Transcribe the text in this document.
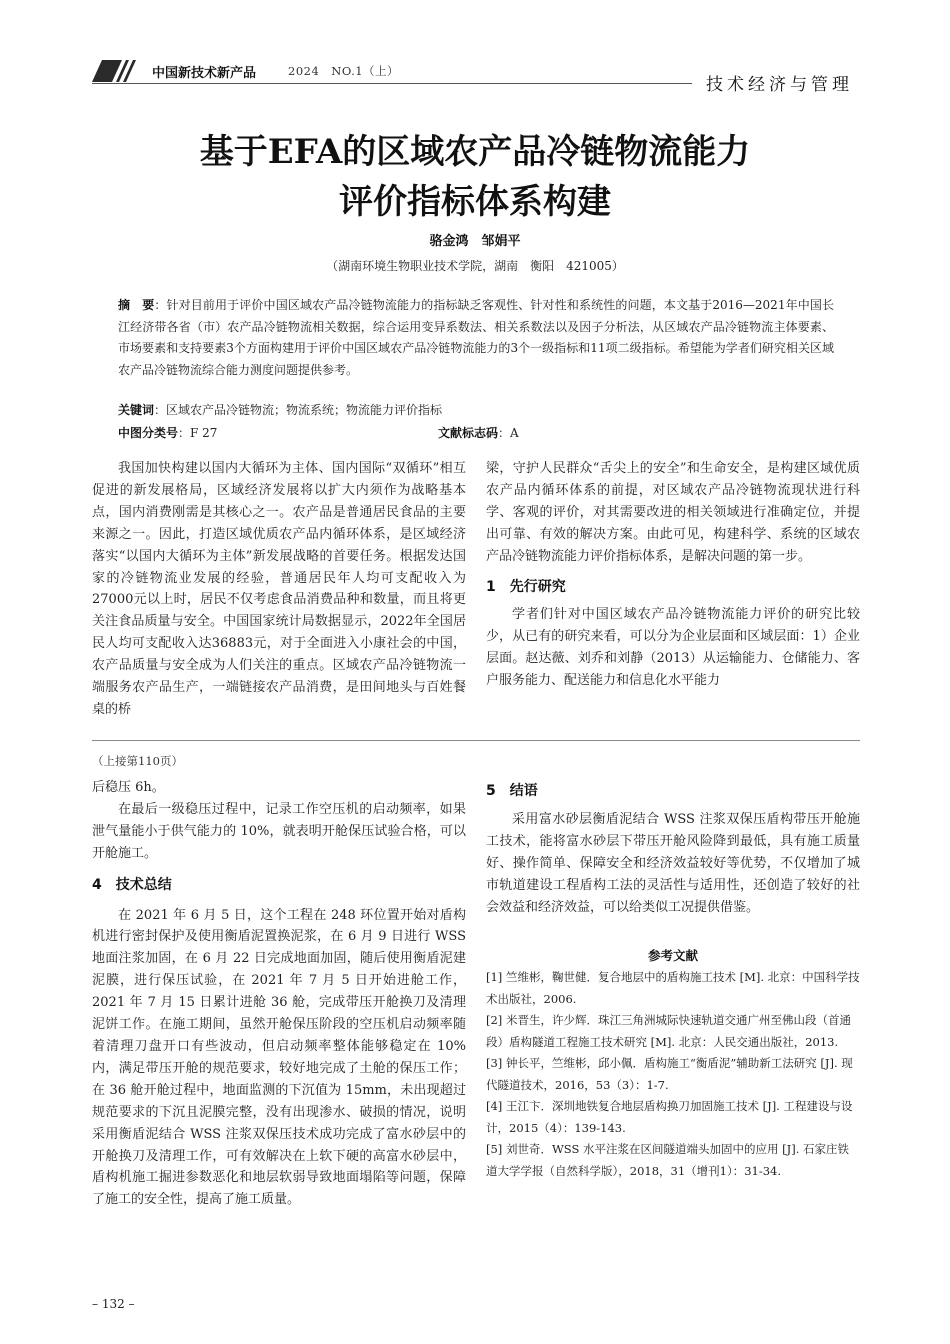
中国新技术新产品	2024　NO.1（上）
技术经济与管理
基于EFA的区域农产品冷链物流能力
评价指标体系构建
骆金鸿　邹娟平
（湖南环境生物职业技术学院，湖南　衡阳　421005）
摘　要：针对目前用于评价中国区域农产品冷链物流能力的指标缺乏客观性、针对性和系统性的问题，本文基于2016—2021年中国长江经济带各省（市）农产品冷链物流相关数据，综合运用变异系数法、相关系数法以及因子分析法，从区域农产品冷链物流主体要素、市场要素和支持要素3个方面构建用于评价中国区域农产品冷链物流能力的3个一级指标和11项二级指标。希望能为学者们研究相关区域农产品冷链物流综合能力测度问题提供参考。
关键词：区域农产品冷链物流；物流系统；物流能力评价指标
中图分类号：F 27	文献标志码：A

我国加快构建以国内大循环为主体、国内国际“双循环”相互促进的新发展格局，区域经济发展将以扩大内须作为战略基本点，国内消费刚需是其核心之一。农产品是普通居民食品的主要来源之一。因此，打造区域优质农产品内循环体系，是区域经济落实“以国内大循环为主体”新发展战略的首要任务。根据发达国家的冷链物流业发展的经验，普通居民年人均可支配收入为27000元以上时，居民不仅考虑食品消费品种和数量，而且将更关注食品质量与安全。中国国家统计局数据显示，2022年全国居民人均可支配收入达36883元，对于全面进入小康社会的中国，农产品质量与安全成为人们关注的重点。区域农产品冷链物流一端服务农产品生产，一端链接农产品消费，是田间地头与百姓餐桌的桥

梁，守护人民群众“舌尖上的安全”和生命安全，是构建区域优质农产品内循环体系的前提，对区域农产品冷链物流现状进行科学、客观的评价，对其需要改进的相关领域进行准确定位，并提出可靠、有效的解决方案。由此可见，构建科学、系统的区域农产品冷链物流能力评价指标体系，是解决问题的第一步。

1　先行研究

学者们针对中国区域农产品冷链物流能力评价的研究比较少，从已有的研究来看，可以分为企业层面和区域层面：1）企业层面。赵达薇、刘乔和刘静（2013）从运输能力、仓储能力、客户服务能力、配送能力和信息化水平能力

（上接第110页）

后稳压 6h。

在最后一级稳压过程中，记录工作空压机的启动频率，如果泄气量能小于供气能力的 10%，就表明开舱保压试验合格，可以开舱施工。

4　技术总结

在 2021 年 6 月 5 日，这个工程在 248 环位置开始对盾构机进行密封保护及使用衡盾泥置换泥浆，在 6 月 9 日进行 WSS 地面注浆加固，在 6 月 22 日完成地面加固，随后使用衡盾泥建泥膜，进行保压试验，在 2021 年 7 月 5 日开始进舱工作，2021 年 7 月 15 日累计进舱 36 舱，完成带压开舱换刀及清理泥饼工作。在施工期间，虽然开舱保压阶段的空压机启动频率随着清理刀盘开口有些波动，但启动频率整体能够稳定在 10% 内，满足带压开舱的规范要求，较好地完成了土舱的保压工作；在 36 舱开舱过程中，地面监测的下沉值为 15mm，未出现超过规范要求的下沉且泥膜完整，没有出现渗水、破损的情况，说明采用衡盾泥结合 WSS 注浆双保压技术成功完成了富水砂层中的开舱换刀及清理工作，可有效解决在上软下硬的高富水砂层中，盾构机施工掘进参数恶化和地层软弱导致地面塌陷等问题，保障了施工的安全性，提高了施工质量。

5　结语

采用富水砂层衡盾泥结合 WSS 注浆双保压盾构带压开舱施工技术，能将富水砂层下带压开舱风险降到最低，具有施工质量好、操作简单、保障安全和经济效益较好等优势，不仅增加了城市轨道建设工程盾构工法的灵活性与适用性，还创造了较好的社会效益和经济效益，可以给类似工况提供借鉴。

参考文献
[1] 竺维彬，鞠世健．复合地层中的盾构施工技术 [M]. 北京：中国科学技术出版社，2006.
[2] 米晋生，许少辉．珠江三角洲城际快速轨道交通广州至佛山段（首通段）盾构隧道工程施工技术研究 [M]. 北京：人民交通出版社，2013.
[3] 钟长平，竺维彬，邱小佩．盾构施工“衡盾泥”辅助新工法研究 [J]. 现代隧道技术，2016，53（3）：1-7.
[4] 王江卞．深圳地铁复合地层盾构换刀加固施工技术 [J]. 工程建设与设计，2015（4）：139-143.
[5] 刘世奇．WSS 水平注浆在区间隧道端头加固中的应用 [J]. 石家庄铁道大学学报（自然科学版），2018，31（增刊1）：31-34.
– 132 –
